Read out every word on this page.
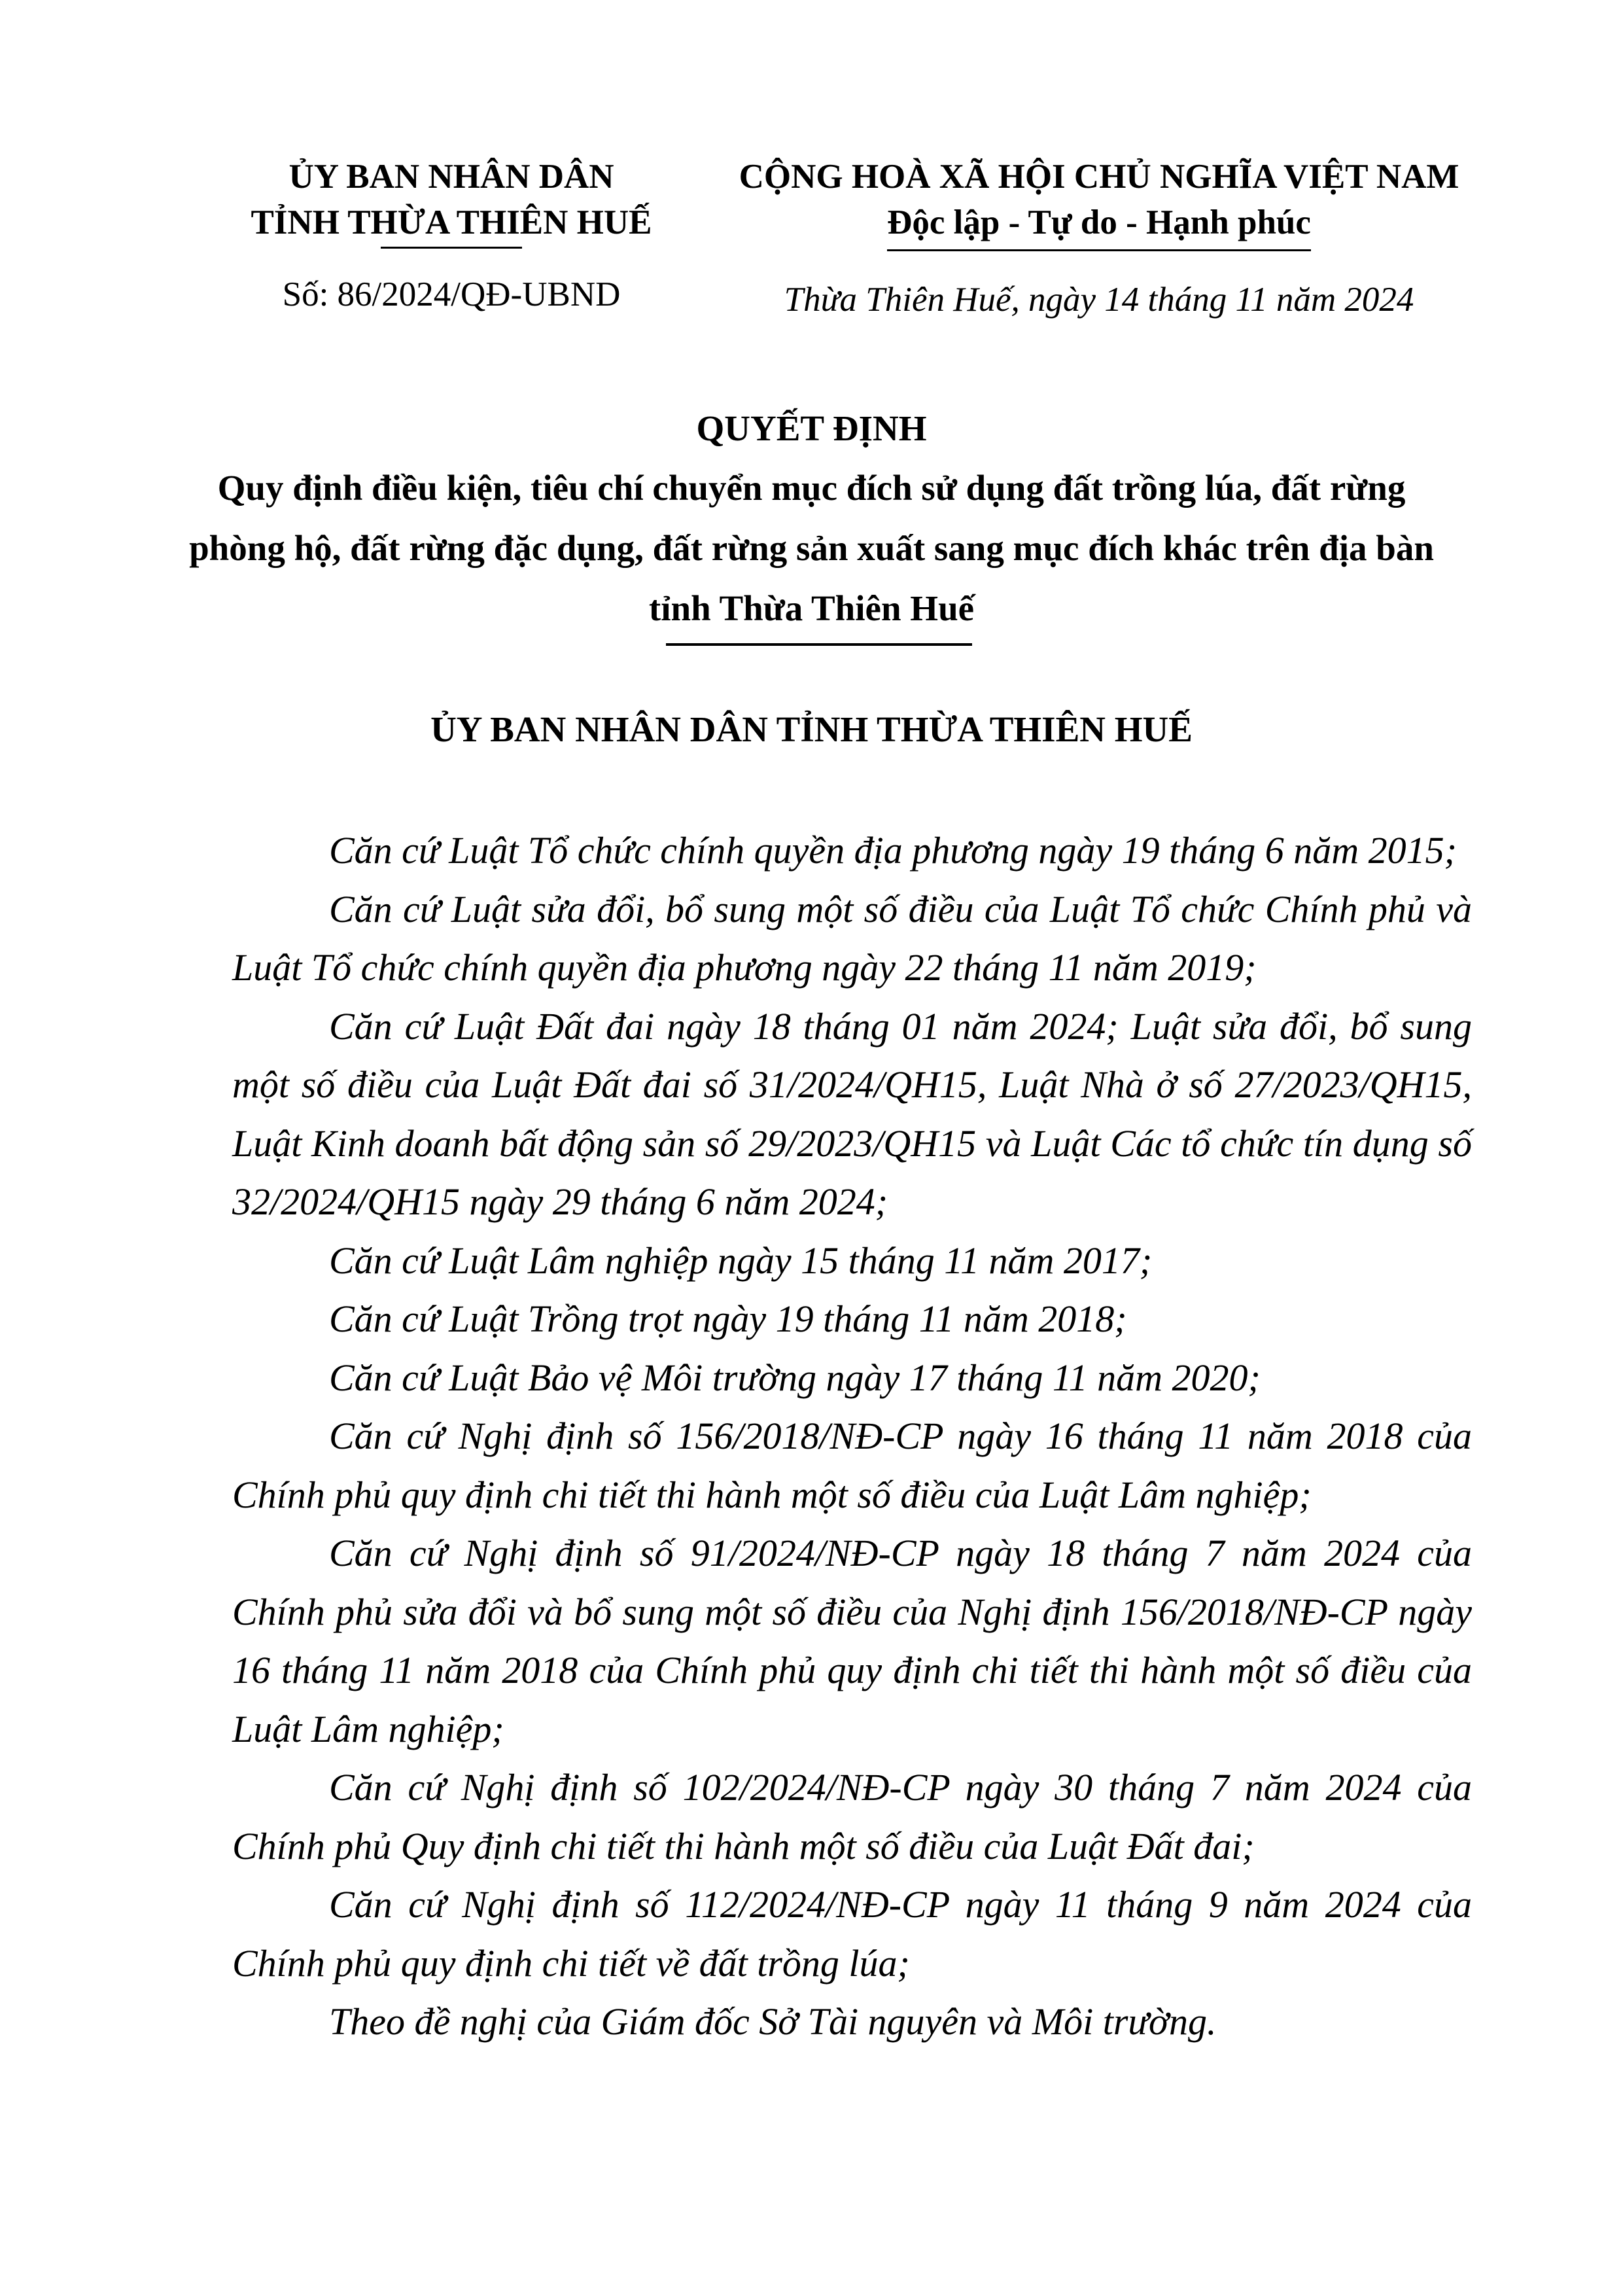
ỦY BAN NHÂN DÂN
TỈNH THỪA THIÊN HUẾ
Số: 86/2024/QĐ-UBND
CỘNG HOÀ XÃ HỘI CHỦ NGHĨA VIỆT NAM
Độc lập - Tự do - Hạnh phúc
Thừa Thiên Huế, ngày 14 tháng 11 năm 2024
QUYẾT ĐỊNH
Quy định điều kiện, tiêu chí chuyển mục đích sử dụng đất trồng lúa, đất rừng phòng hộ, đất rừng đặc dụng, đất rừng sản xuất sang mục đích khác trên địa bàn tỉnh Thừa Thiên Huế
ỦY BAN NHÂN DÂN TỈNH THỪA THIÊN HUẾ

Căn cứ Luật Tổ chức chính quyền địa phương ngày 19 tháng 6 năm 2015;

Căn cứ Luật sửa đổi, bổ sung một số điều của Luật Tổ chức Chính phủ và Luật Tổ chức chính quyền địa phương ngày 22 tháng 11 năm 2019;

Căn cứ Luật Đất đai ngày 18 tháng 01 năm 2024; Luật sửa đổi, bổ sung một số điều của Luật Đất đai số 31/2024/QH15, Luật Nhà ở số 27/2023/QH15, Luật Kinh doanh bất động sản số 29/2023/QH15 và Luật Các tổ chức tín dụng số 32/2024/QH15 ngày 29 tháng 6 năm 2024;

Căn cứ Luật Lâm nghiệp ngày 15 tháng 11 năm 2017;

Căn cứ Luật Trồng trọt ngày 19 tháng 11 năm 2018;

Căn cứ Luật Bảo vệ Môi trường ngày 17 tháng 11 năm 2020;

Căn cứ Nghị định số 156/2018/NĐ-CP ngày 16 tháng 11 năm 2018 của Chính phủ quy định chi tiết thi hành một số điều của Luật Lâm nghiệp;

Căn cứ Nghị định số 91/2024/NĐ-CP ngày 18 tháng 7 năm 2024 của Chính phủ sửa đổi và bổ sung một số điều của Nghị định 156/2018/NĐ-CP ngày 16 tháng 11 năm 2018 của Chính phủ quy định chi tiết thi hành một số điều của Luật Lâm nghiệp;

Căn cứ Nghị định số 102/2024/NĐ-CP ngày 30 tháng 7 năm 2024 của Chính phủ Quy định chi tiết thi hành một số điều của Luật Đất đai;

Căn cứ Nghị định số 112/2024/NĐ-CP ngày 11 tháng 9 năm 2024 của Chính phủ quy định chi tiết về đất trồng lúa;

Theo đề nghị của Giám đốc Sở Tài nguyên và Môi trường.
